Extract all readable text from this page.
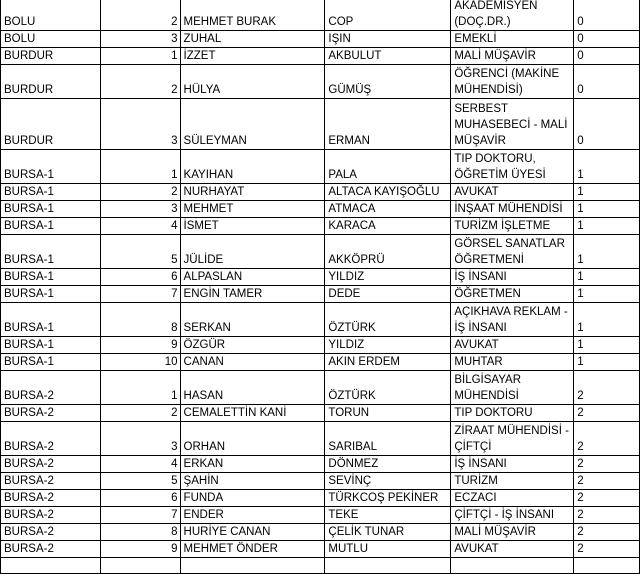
BOLU	2	MEHMET BURAK	COP	AKADEMİSYEN (DOÇ.DR.)	0
BOLU	3	ZUHAL	IŞIN	EMEKLİ	0
BURDUR	1	İZZET	AKBULUT	MALİ MÜŞAVİR	0
BURDUR	2	HÜLYA	GÜMÜŞ	ÖĞRENCİ (MAKİNE MÜHENDİSİ)	0
BURDUR	3	SÜLEYMAN	ERMAN	SERBEST MUHASEBECİ - MALİ MÜŞAVİR	0
BURSA-1	1	KAYIHAN	PALA	TIP DOKTORU, ÖĞRETİM ÜYESİ	1
BURSA-1	2	NURHAYAT	ALTACA KAYIŞOĞLU	AVUKAT	1
BURSA-1	3	MEHMET	ATMACA	İNŞAAT MÜHENDİSİ	1
BURSA-1	4	İSMET	KARACA	TURİZM İŞLETME	1
BURSA-1	5	JÜLİDE	AKKÖPRÜ	GÖRSEL SANATLAR ÖĞRETMENİ	1
BURSA-1	6	ALPASLAN	YILDIZ	İŞ İNSANI	1
BURSA-1	7	ENGİN TAMER	DEDE	ÖĞRETMEN	1
BURSA-1	8	SERKAN	ÖZTÜRK	AÇIKHAVA REKLAM - İŞ İNSANI	1
BURSA-1	9	ÖZGÜR	YILDIZ	AVUKAT	1
BURSA-1	10	CANAN	AKIN ERDEM	MUHTAR	1
BURSA-2	1	HASAN	ÖZTÜRK	BİLGİSAYAR MÜHENDİSİ	2
BURSA-2	2	CEMALETTİN KANİ	TORUN	TIP DOKTORU	2
BURSA-2	3	ORHAN	SARIBAL	ZİRAAT MÜHENDİSİ - ÇİFTÇİ	2
BURSA-2	4	ERKAN	DÖNMEZ	İŞ İNSANI	2
BURSA-2	5	ŞAHİN	SEVİNÇ	TURİZM	2
BURSA-2	6	FUNDA	TÜRKCOŞ PEKİNER	ECZACI	2
BURSA-2	7	ENDER	TEKE	ÇİFTÇİ - İŞ İNSANI	2
BURSA-2	8	HURİYE CANAN	ÇELİK TUNAR	MALİ MÜŞAVİR	2
BURSA-2	9	MEHMET ÖNDER	MUTLU	AVUKAT	2
